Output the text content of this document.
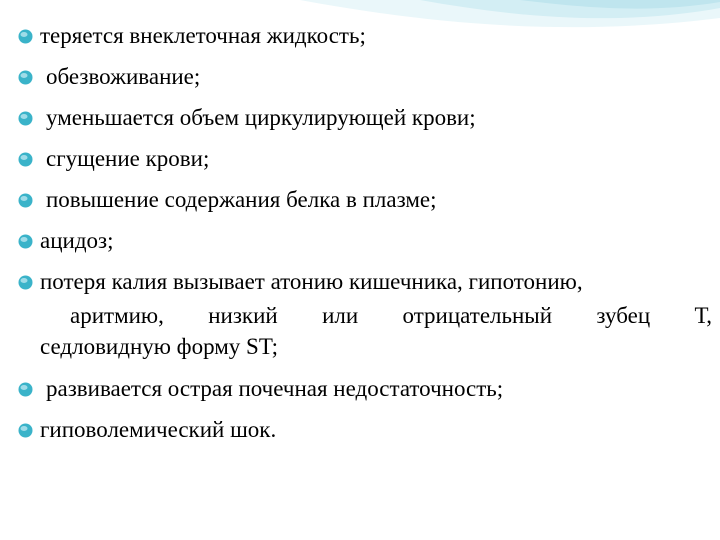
теряется внеклеточная жидкость;
обезвоживание;
уменьшается объем циркулирующей крови;
сгущение крови;
повышение содержания белка в плазме;
ацидоз;
потеря калия вызывает атонию кишечника, гипотонию,
аритмию, низкий или отрицательный зубец Т,
седловидную форму ST;
развивается острая почечная недостаточность;
гиповолемический шок.
